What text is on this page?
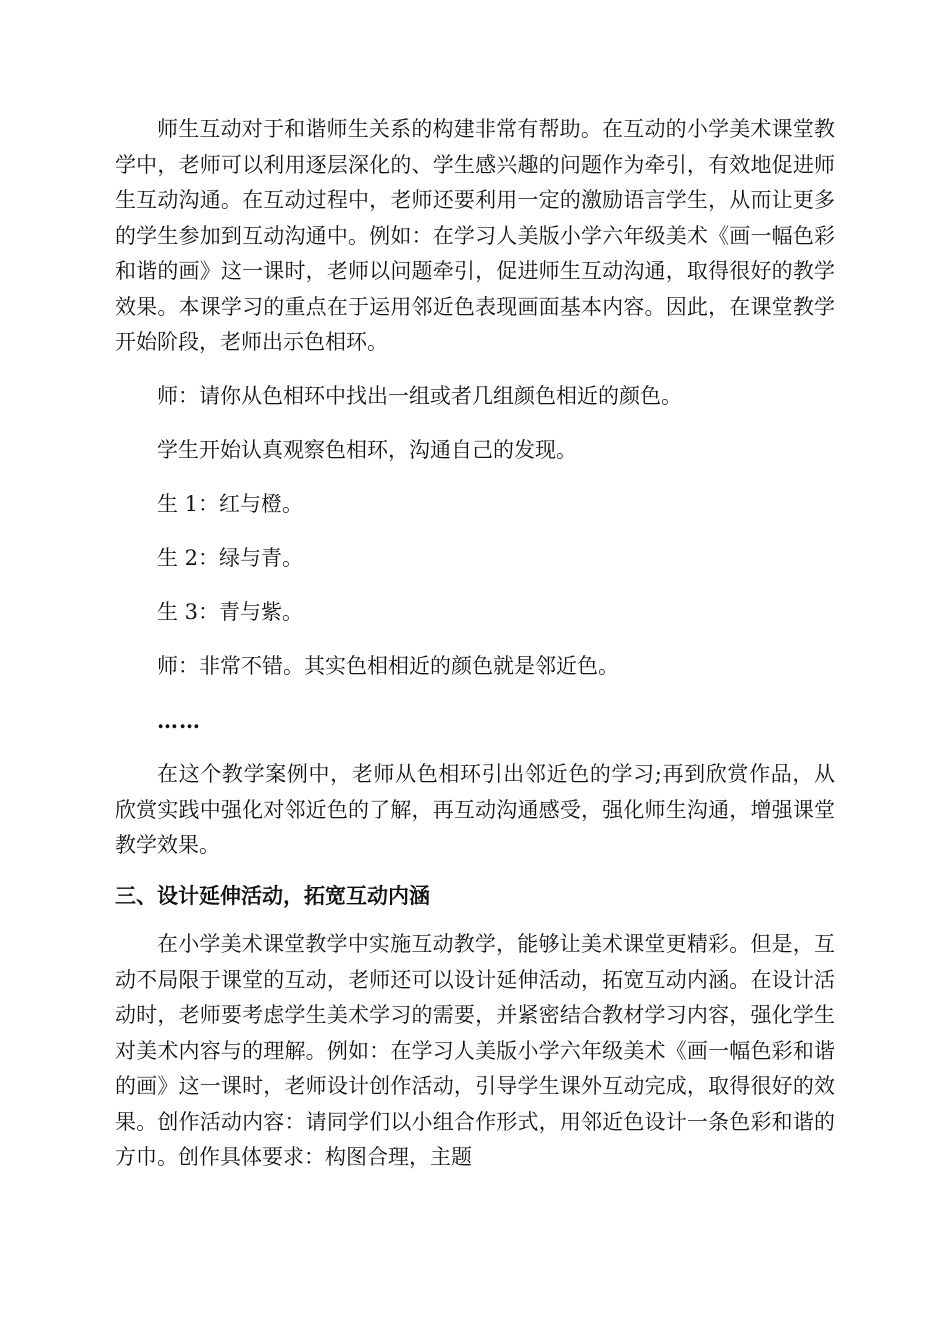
师生互动对于和谐师生关系的构建非常有帮助。在互动的小学美术课堂教学中，老师可以利用逐层深化的、学生感兴趣的问题作为牵引，有效地促进师生互动沟通。在互动过程中，老师还要利用一定的激励语言学生，从而让更多的学生参加到互动沟通中。例如：在学习人美版小学六年级美术《画一幅色彩和谐的画》这一课时，老师以问题牵引，促进师生互动沟通，取得很好的教学效果。本课学习的重点在于运用邻近色表现画面基本内容。因此，在课堂教学开始阶段，老师出示色相环。

师：请你从色相环中找出一组或者几组颜色相近的颜色。

学生开始认真观察色相环，沟通自己的发现。

生 1：红与橙。

生 2：绿与青。

生 3：青与紫。

师：非常不错。其实色相相近的颜色就是邻近色。

……

在这个教学案例中，老师从色相环引出邻近色的学习;再到欣赏作品，从欣赏实践中强化对邻近色的了解，再互动沟通感受，强化师生沟通，增强课堂教学效果。

三、设计延伸活动，拓宽互动内涵

在小学美术课堂教学中实施互动教学，能够让美术课堂更精彩。但是，互动不局限于课堂的互动，老师还可以设计延伸活动，拓宽互动内涵。在设计活动时，老师要考虑学生美术学习的需要，并紧密结合教材学习内容，强化学生对美术内容与的理解。例如：在学习人美版小学六年级美术《画一幅色彩和谐的画》这一课时，老师设计创作活动，引导学生课外互动完成，取得很好的效果。创作活动内容：请同学们以小组合作形式，用邻近色设计一条色彩和谐的方巾。创作具体要求：构图合理，主题
